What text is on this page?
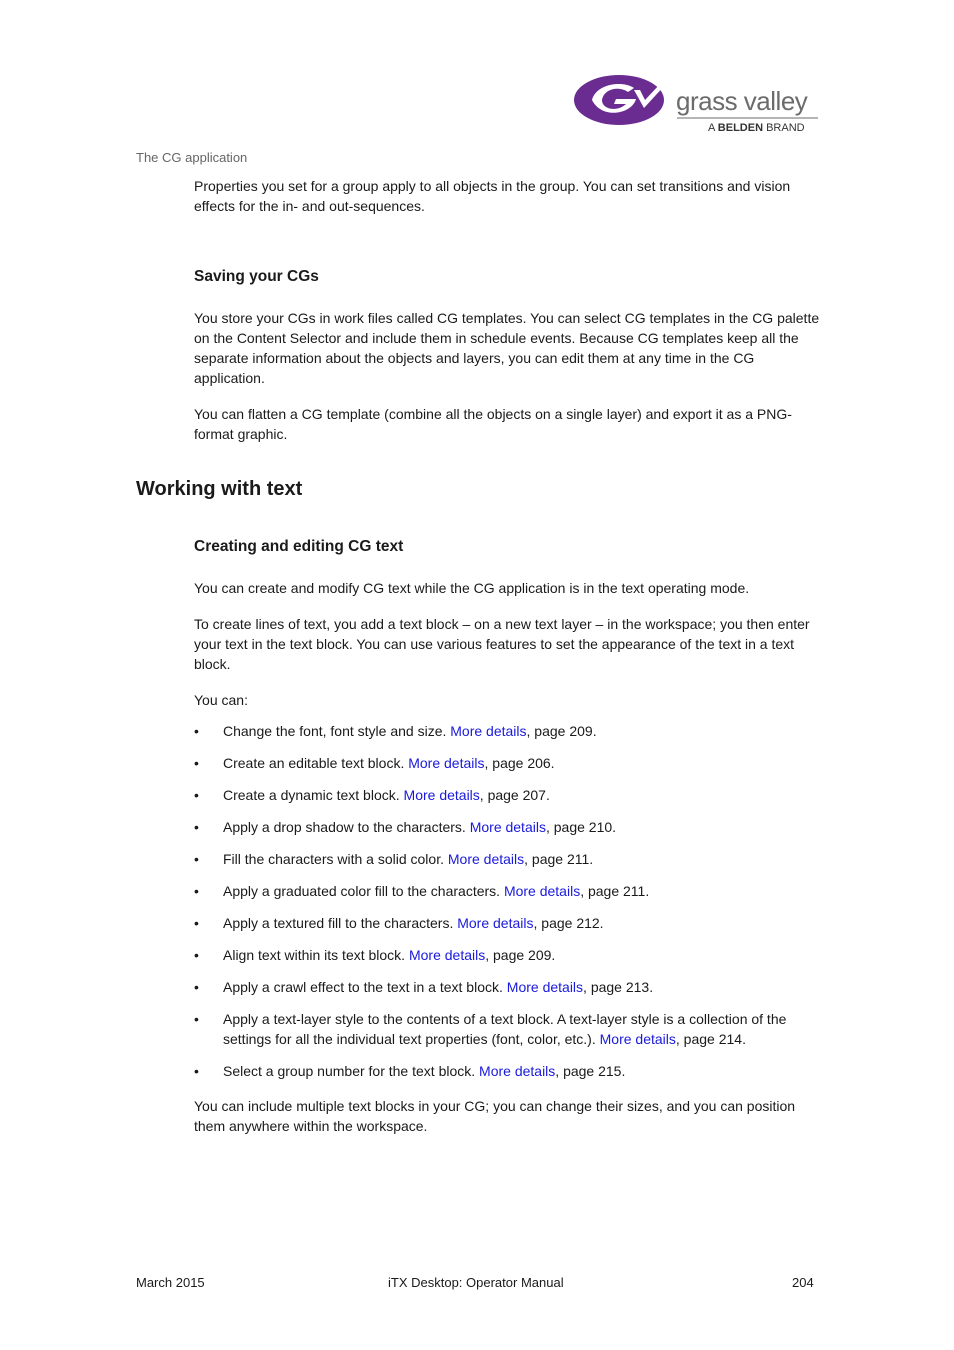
grass valley
A BELDEN BRAND
The CG application

Properties you set for a group apply to all objects in the group. You can set transitions and vision effects for the in- and out-sequences.

Saving your CGs

You store your CGs in work files called CG templates. You can select CG templates in the CG palette on the Content Selector and include them in schedule events. Because CG templates keep all the separate information about the objects and layers, you can edit them at any time in the CG application.

You can flatten a CG template (combine all the objects on a single layer) and export it as a PNG-format graphic.

Working with text
Creating and editing CG text

You can create and modify CG text while the CG application is in the text operating mode.

To create lines of text, you add a text block – on a new text layer – in the workspace; you then enter your text in the text block. You can use various features to set the appearance of the text in a text block.

You can:

• Change the font, font style and size. More details, page 209.
• Create an editable text block. More details, page 206.
• Create a dynamic text block. More details, page 207.
• Apply a drop shadow to the characters. More details, page 210.
• Fill the characters with a solid color. More details, page 211.
• Apply a graduated color fill to the characters. More details, page 211.
• Apply a textured fill to the characters. More details, page 212.
• Align text within its text block. More details, page 209.
• Apply a crawl effect to the text in a text block. More details, page 213.
• Apply a text-layer style to the contents of a text block. A text-layer style is a collection of the settings for all the individual text properties (font, color, etc.). More details, page 214.
• Select a group number for the text block. More details, page 215.

You can include multiple text blocks in your CG; you can change their sizes, and you can position them anywhere within the workspace.

March 2015	iTX Desktop: Operator Manual	204
